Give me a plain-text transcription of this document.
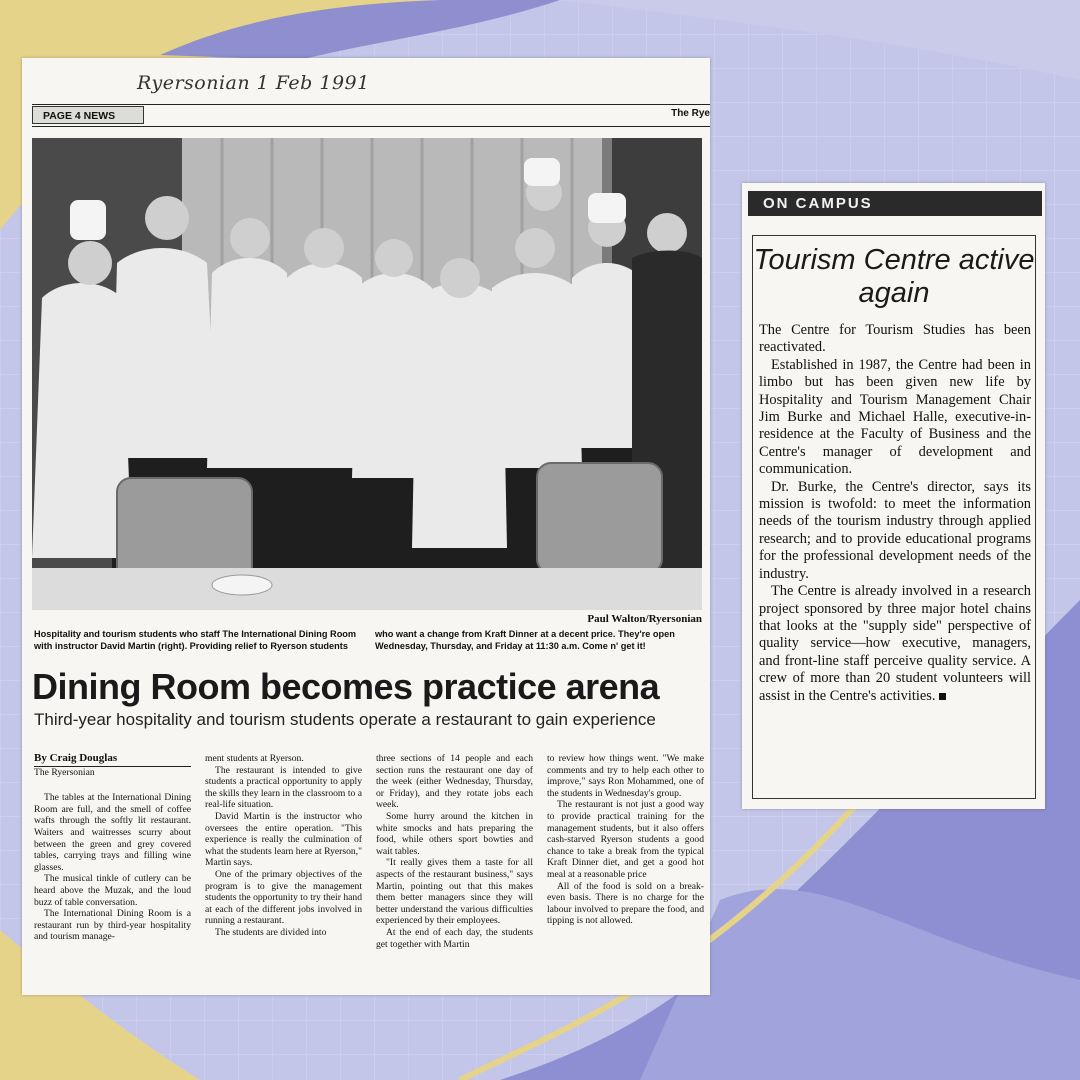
Ryersonian 1 Feb 1991
PAGE 4 NEWS	The Rye
Paul Walton/Ryersonian

Hospitality and tourism students who staff The International Dining Room with instructor David Martin (right). Providing relief to Ryerson students

who want a change from Kraft Dinner at a decent price. They're open Wednesday, Thursday, and Friday at 11:30 a.m. Come n' get it!

Dining Room becomes practice arena
Third-year hospitality and tourism students operate a restaurant to gain experience
By Craig Douglas
The Ryersonian

The tables at the International Dining Room are full, and the smell of coffee wafts through the softly lit restaurant. Waiters and waitresses scurry about between the green and grey covered tables, carrying trays and filling wine glasses.

The musical tinkle of cutlery can be heard above the Muzak, and the loud buzz of table conversation.

The International Dining Room is a restaurant run by third-year hospitality and tourism manage-

ment students at Ryerson.

The restaurant is intended to give students a practical opportunity to apply the skills they learn in the classroom to a real-life situation.

David Martin is the instructor who oversees the entire operation. "This experience is really the culmination of what the students learn here at Ryerson," Martin says.

One of the primary objectives of the program is to give the management students the opportunity to try their hand at each of the different jobs involved in running a restaurant.

The students are divided into

three sections of 14 people and each section runs the restaurant one day of the week (either Wednesday, Thursday, or Friday), and they rotate jobs each week.

Some hurry around the kitchen in white smocks and hats preparing the food, while others sport bowties and wait tables.

"It really gives them a taste for all aspects of the restaurant business," says Martin, pointing out that this makes them better managers since they will better understand the various difficulties experienced by their employees.

At the end of each day, the students get together with Martin

to review how things went. "We make comments and try to help each other to improve," says Ron Mohammed, one of the students in Wednesday's group.

The restaurant is not just a good way to provide practical training for the management students, but it also offers cash-starved Ryerson students a good chance to take a break from the typical Kraft Dinner diet, and get a good hot meal at a reasonable price

All of the food is sold on a break-even basis. There is no charge for the labour involved to prepare the food, and tipping is not allowed.

ON CAMPUS
Tourism Centre active again

The Centre for Tourism Studies has been reactivated.

Established in 1987, the Centre had been in limbo but has been given new life by Hospitality and Tourism Management Chair Jim Burke and Michael Halle, executive-in-residence at the Faculty of Business and the Centre's manager of development and communication.

Dr. Burke, the Centre's director, says its mission is twofold: to meet the information needs of the tourism industry through applied research; and to provide educational programs for the professional development needs of the industry.

The Centre is already involved in a research project sponsored by three major hotel chains that looks at the "supply side" perspective of quality service—how executive, managers, and front-line staff perceive quality service. A crew of more than 20 student volunteers will assist in the Centre's activities.
